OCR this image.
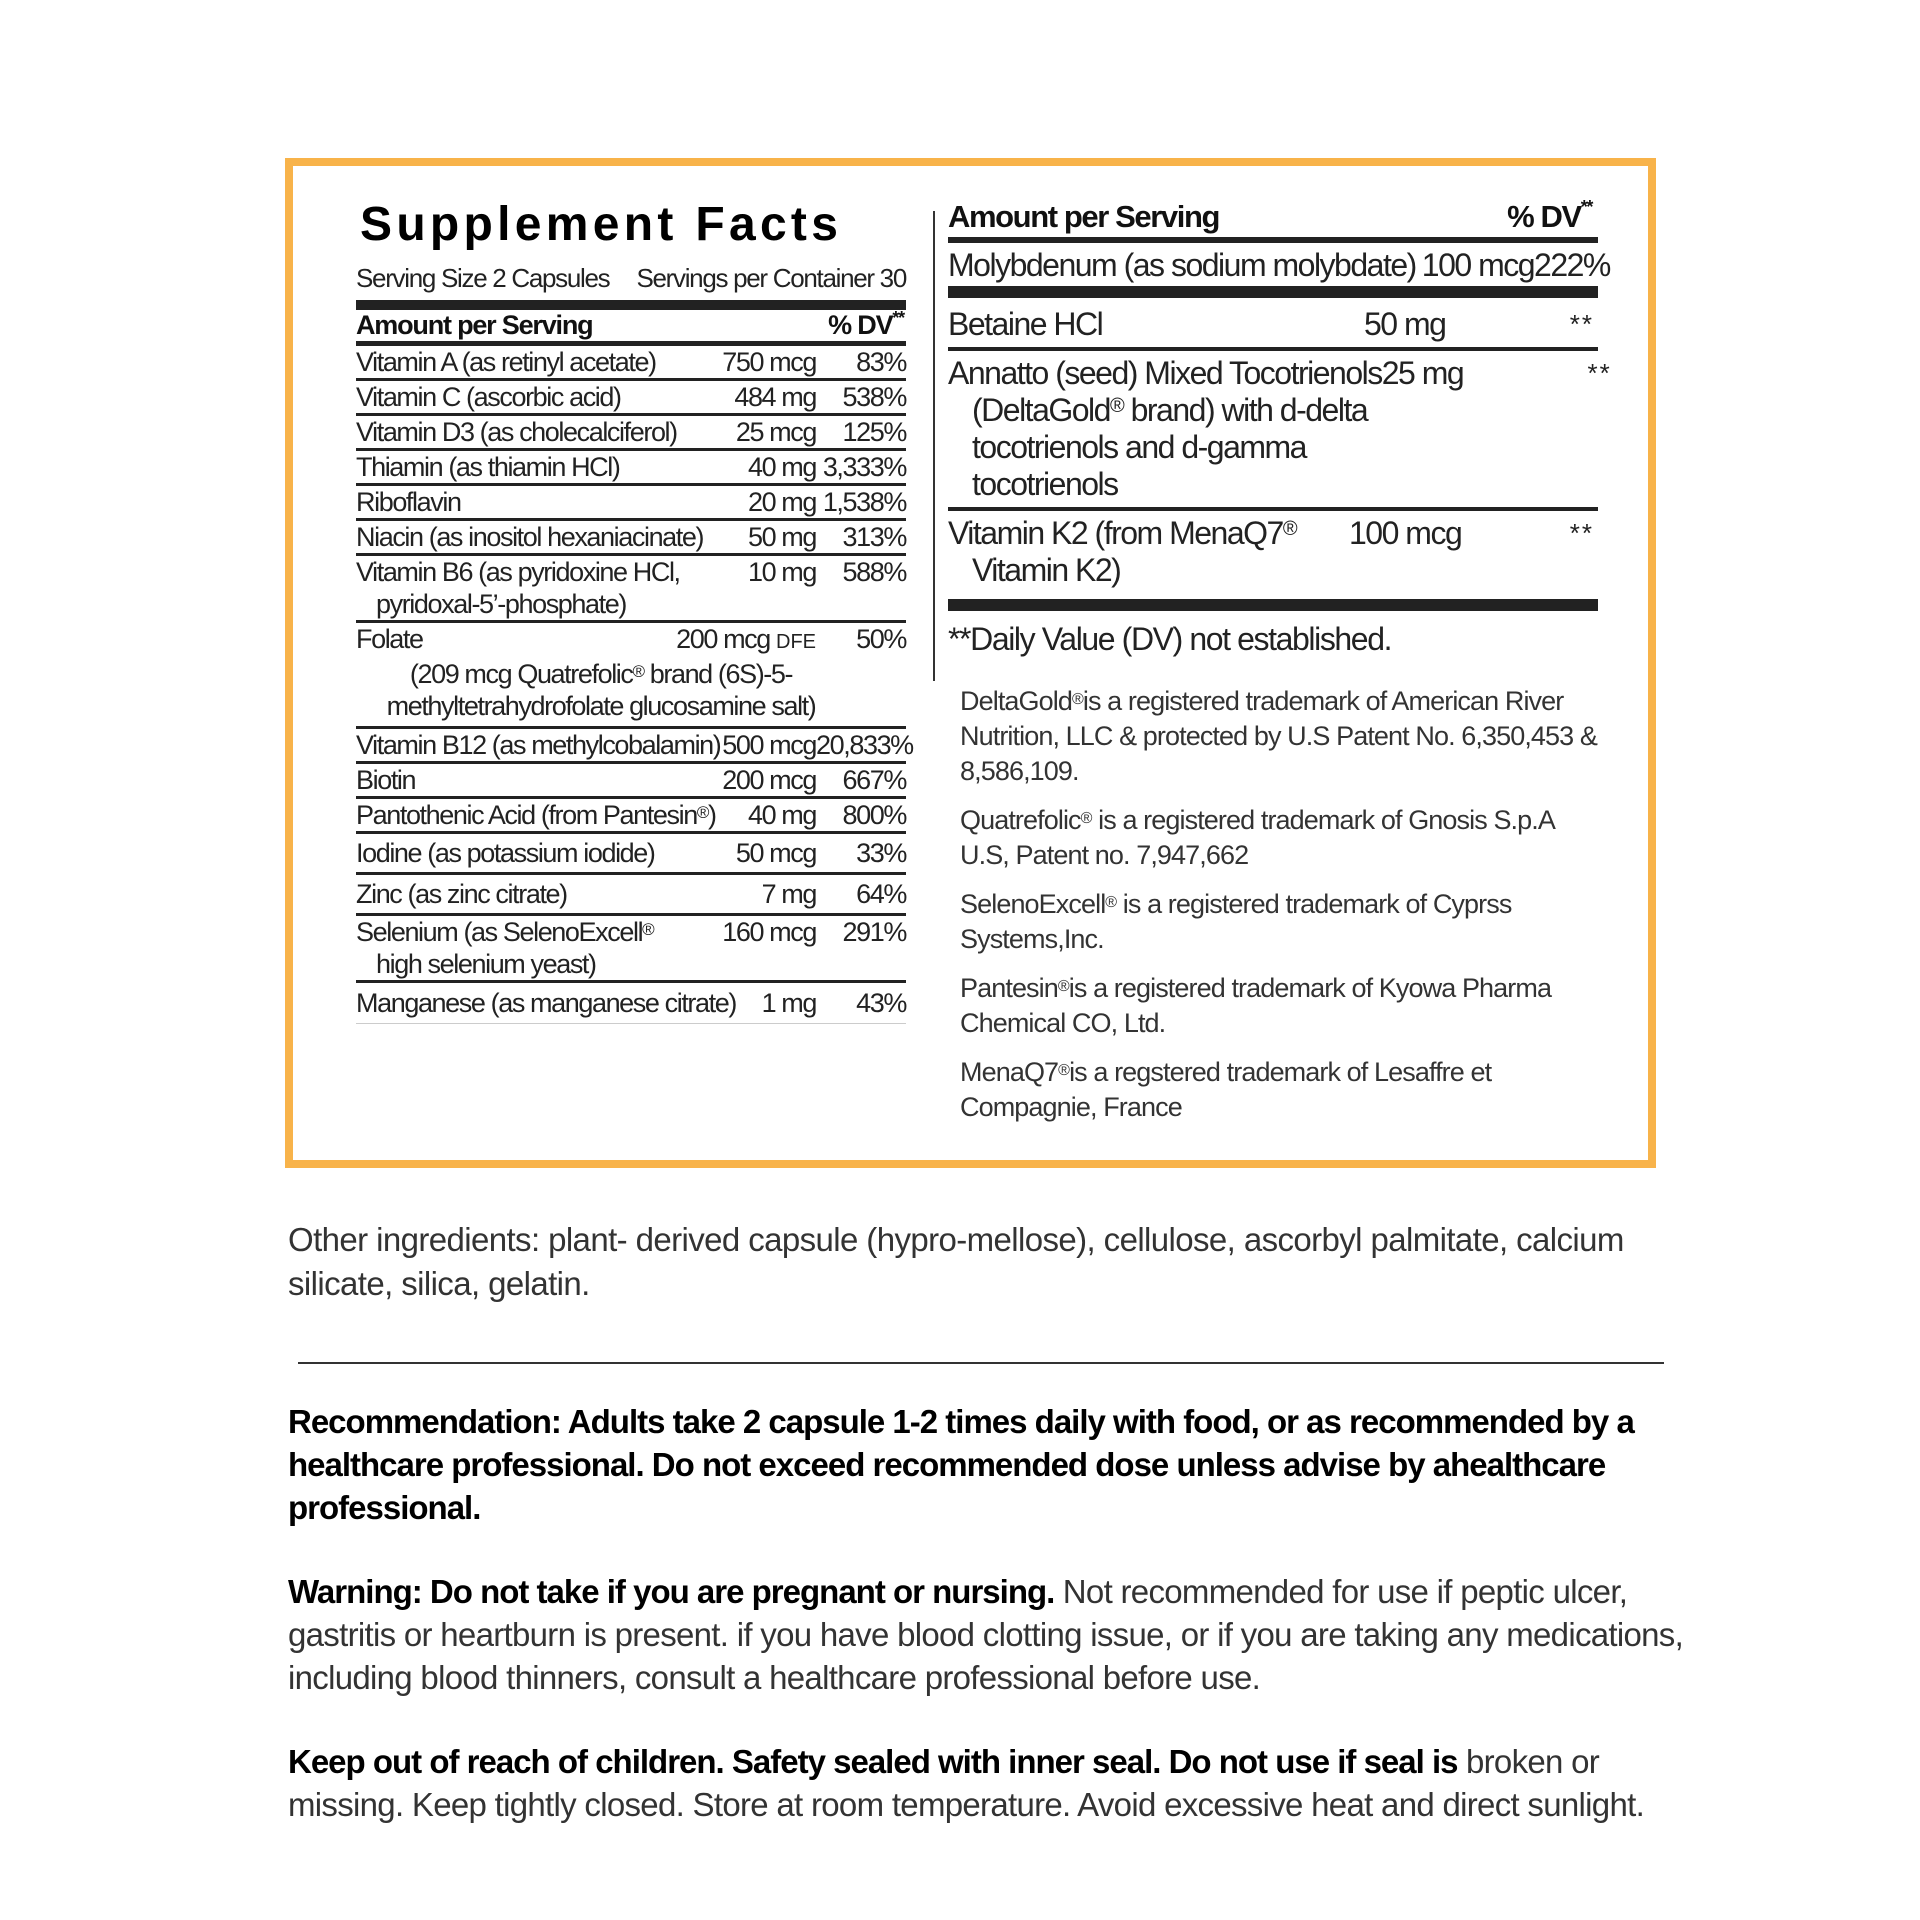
Supplement Facts
Serving Size 2 Capsules Servings per Container 30
Amount per Serving	% DV**
Vitamin A (as retinyl acetate)	750 mcg	83%
Vitamin C (ascorbic acid)	484 mg 538%
Vitamin D3 (as cholecalciferol)	25 mcg 125%
Thiamin (as thiamin HCl)	40 mg 3,333%
Riboflavin	20 mg 1,538%
Niacin (as inositol hexaniacinate)	50 mg 313%
Vitamin B6 (as pyridoxine HCl,
pyridoxal-5’-phosphate)
10 mg 588%
Folate	200 mcg DFE	50%
(209 mcg Quatrefolic® brand (6S)-5-
methyltetrahydrofolate glucosamine salt)
Vitamin B12 (as methylcobalamin) 500 mcg 20,833%
Biotin	200 mcg 667%
Pantothenic Acid (from Pantesin®)	40 mg 800%
Iodine (as potassium iodide)	50 mcg	33%
Zinc (as zinc citrate)	7 mg	64%
Selenium (as SelenoExcell®
high selenium yeast)
160 mcg 291%
Manganese (as manganese citrate) 1 mg	43%
Amount per Serving	% DV**
Molybdenum (as sodium molybdate) 100 mcg 222%
Betaine HCl	50 mg	**
Annatto (seed) Mixed Tocotrienols
(DeltaGold® brand) with d-delta
tocotrienols and d-gamma
tocotrienols
25 mg	**
Vitamin K2 (from MenaQ7®
Vitamin K2)
100 mcg	**
**Daily Value (DV) not established.
DeltaGold®is a registered trademark of American River Nutrition, LLC & protected by U.S Patent No. 6,350,453 & 8,586,109.
Quatrefolic® is a registered trademark of Gnosis S.p.A U.S, Patent no. 7,947,662
SelenoExcell® is a registered trademark of Cyprss Systems,Inc.
Pantesin®is a registered trademark of Kyowa Pharma Chemical CO, Ltd.
MenaQ7®is a regstered trademark of Lesaffre et Compagnie, France
Other ingredients: plant- derived capsule (hypro-mellose), cellulose, ascorbyl palmitate, calcium silicate, silica, gelatin.
Recommendation: Adults take 2 capsule 1-2 times daily with food, or as recommended by a healthcare professional. Do not exceed recommended dose unless advise by ahealthcare professional.
Warning: Do not take if you are pregnant or nursing. Not recommended for use if peptic ulcer, gastritis or heartburn is present. if you have blood clotting issue, or if you are taking any medications, including blood thinners, consult a healthcare professional before use.
Keep out of reach of children. Safety sealed with inner seal. Do not use if seal is broken or missing. Keep tightly closed. Store at room temperature. Avoid excessive heat and direct sunlight.
